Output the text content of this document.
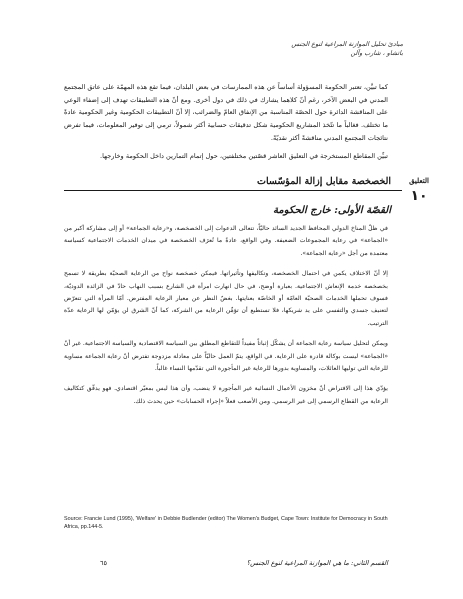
مبادئ تحليل الموازنة المراعية لنوع الجنس
باتشاو ، شارب وآلن
كما تبيَّن، تعتبر الحكومة المسؤولة أساساً عن هذه الممارسات في بعض البلدان، فيما تقع هذه المهمّة على عاتق المجتمع المدني في البعض الآخر، رغم أنّ كلاهما يشارك في ذلك في دول أخرى. ومع أنّ هذه التطبيقات تهدف إلى إضفاء الوعي على المناقشة الدائرة حول الحصّة المناسبة من الإنفاق العامّ والضرائب، إلا أنّ التطبيقات الحكومية وغير الحكومية عادةً ما تختلف. فغالباً ما تتّخذ المشاريع الحكومية شكل تدقيقات حسابية أكثر شمولاً، ترمي إلى توفير المعلومات، فيما تفرض نتائجات المجتمع المدني مناقشةً أكثر نقديّةً.
تبيِّن المقاطع المستخرجة في التعليق العاشر قصّتين مختلفتين، حول إتمام التمارين داخل الحكومة وخارجها.
التعليق
١٠
الخصخصة مقابل إزالة المؤسّسات
القصّة الأولى: خارج الحكومة

في ظلّ المناخ الدولي المحافظ الجديد السائد حاليّاً، تتعالى الدعوات إلى الخصخصة، و«رعاية الجماعة» أو إلى مشاركة أكبر من «الجماعة» في رعاية المجموعات الضعيفة. وفي الواقع، عادةً ما تُعرَف الخصخصة في ميدان الخدمات الاجتماعية كسياسة معتمدة من أجل «رعاية الجماعة».

إلا أنّ الاختلاف يكمن في احتمال الخصخصة، وتكاليفها وتأثيراتها. فيمكن خصخصة نواح من الرعاية الصحيّة بطريقة لا تسمح بخصخصة خدمة الإنعاش الاجتماعية. بعبارة أوضح، في حال انهارت امرأة في الشارع بسبب النهاب حادّ في الزائدة الدوديّة، فسوف تحملها الخدمات الصحيّة العامّة أو الخاصّة بعنايتها. بغضّ النظر عن معيار الرعاية المفترض. أمّا المرأة التي تتعرّض لتعنيف جسدي والتفسي على يد شريكها، فلا تستطيع أن تؤمِّن الرعاية من الشركة، كما أنّ الشرق لن يؤمّن لها الرعاية عدّة الترتيب.

ويمكن لتحليل سياسة رعاية الجماعة أن يشكّل إثباتاً مفيداً للتقاطع المطلق بين السياسة الاقتصادية والسياسة الاجتماعية. غير أنّ «الجماعة» ليست بوكالة قادرة على الرعاية. في الواقع، يتمّ العمل حاليّاً على معادلة مزدوجة تفترض أنّ رعاية الجماعة مساوية للرعاية التي توليها العائلات، والمساوية بدورها للرعاية غير المأجورة التي تقدّمها النساء غالباً.

يؤدّي هذا إلى الافتراض أنّ مخزون الأعمال النسائية غير المأجورة لا ينضب، وأن هذا ليس بمعيّر اقتصادي. فهو يدقّق كتكاليف الرعاية من القطاع الرسمي إلى غير الرسمي. ومن الأصعب فعلاً «إجراء الحسابات» حين يحدث ذلك.

Source: Francie Lund (1995), 'Welfare' in Debbie Budlender (editor) The Women's Budget, Cape Town: Institute for Democracy in South Africa, pp.144-5.
القسم الثاني: ما هي الموازنة المراعية لنوع الجنس؟
٦٥
